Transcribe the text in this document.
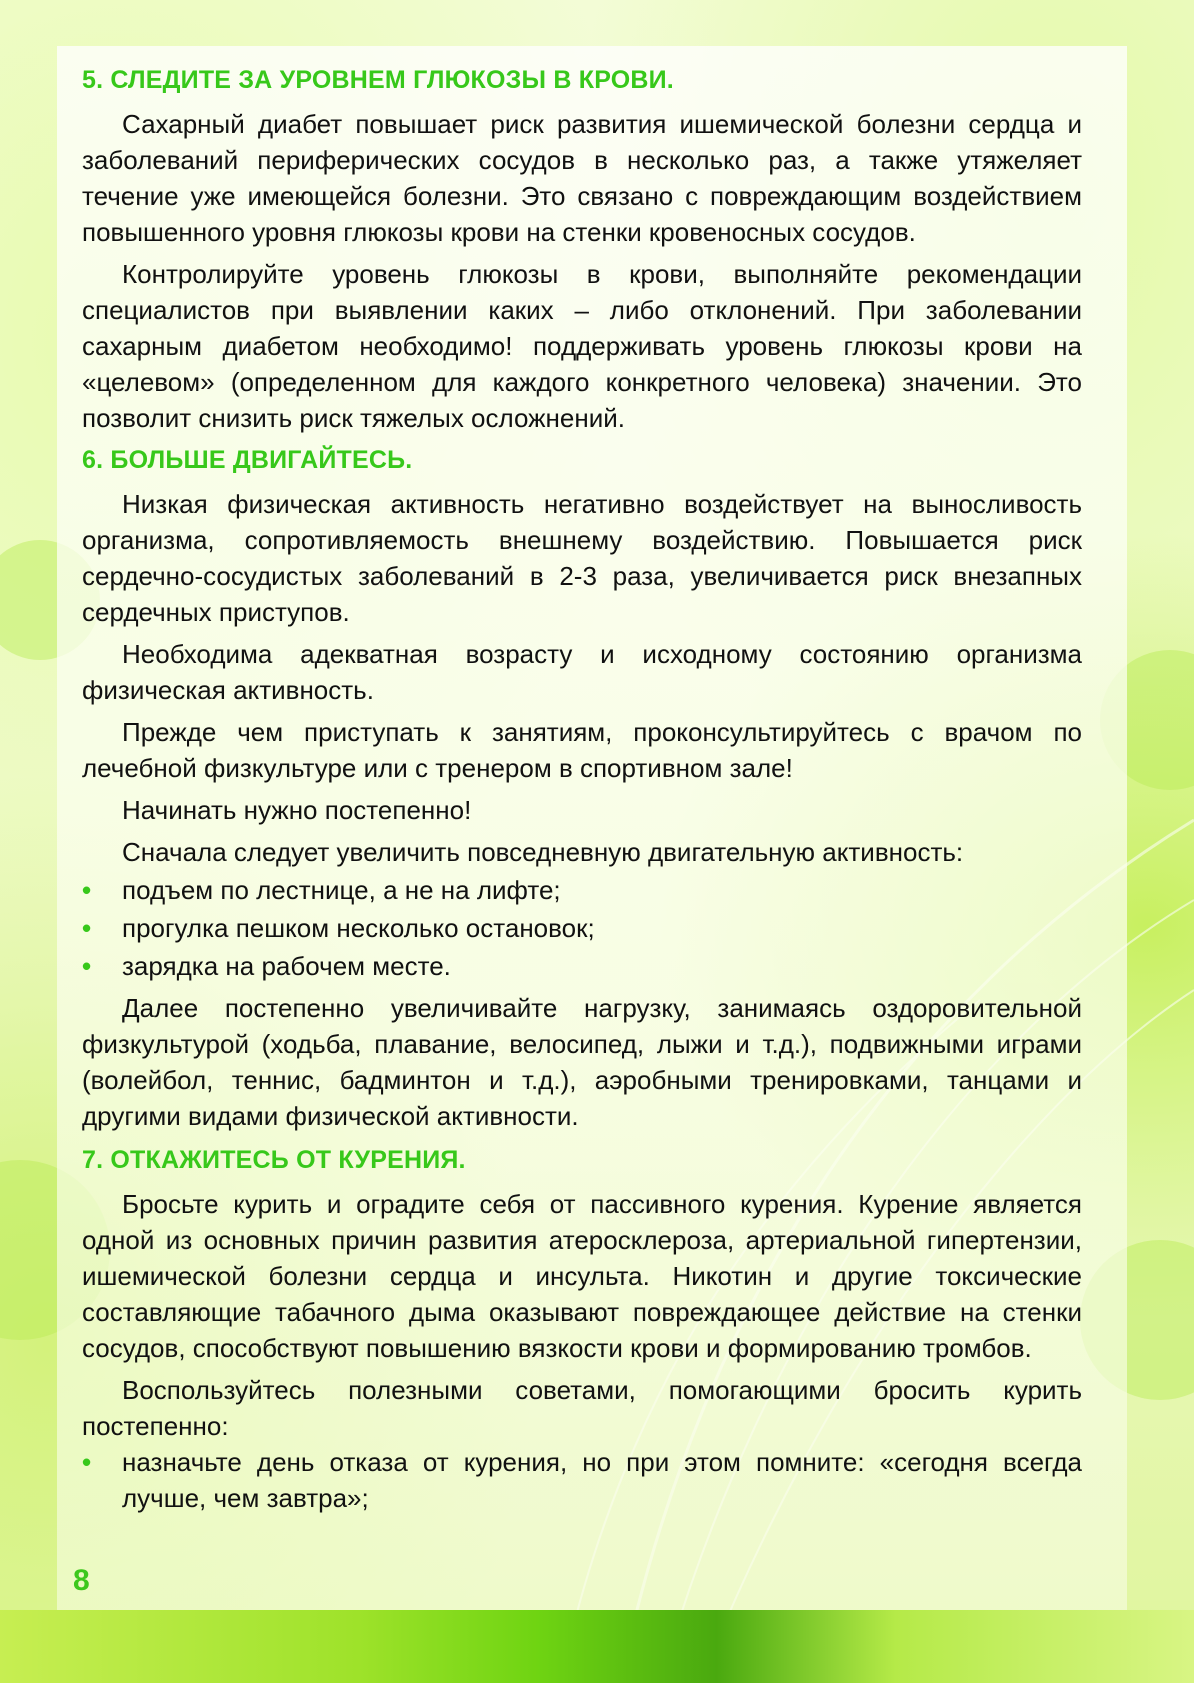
5. СЛЕДИТЕ ЗА УРОВНЕМ ГЛЮКОЗЫ В КРОВИ.

Сахарный диабет повышает риск развития ишемической болезни сердца и заболеваний периферических сосудов в несколько раз, а также утяжеляет течение уже имеющейся болезни. Это связано с повреждающим воздействием повышенного уровня глюкозы крови на стенки кровеносных сосудов.

Контролируйте уровень глюкозы в крови, выполняйте рекомендации специалистов при выявлении каких – либо отклонений. При заболевании сахарным диабетом необходимо! поддерживать уровень глюкозы крови на «целевом» (определенном для каждого конкретного человека) значении. Это позволит снизить риск тяжелых осложнений.

6. БОЛЬШЕ ДВИГАЙТЕСЬ.

Низкая физическая активность негативно воздействует на выносливость организма, сопротивляемость внешнему воздействию. Повышается риск сердечно-сосудистых заболеваний в 2-3 раза, увеличивается риск внезапных сердечных приступов.

Необходима адекватная возрасту и исходному состоянию организма физическая активность.

Прежде чем приступать к занятиям, проконсультируйтесь с врачом по лечебной физкультуре или с тренером в спортивном зале!

Начинать нужно постепенно!

Сначала следует увеличить повседневную двигательную активность:

• подъем по лестнице, а не на лифте;
• прогулка пешком несколько остановок;
• зарядка на рабочем месте.

Далее постепенно увеличивайте нагрузку, занимаясь оздоровительной физкультурой (ходьба, плавание, велосипед, лыжи и т.д.), подвижными играми (волейбол, теннис, бадминтон и т.д.), аэробными тренировками, танцами и другими видами физической активности.

7. ОТКАЖИТЕСЬ ОТ КУРЕНИЯ.

Бросьте курить и оградите себя от пассивного курения. Курение является одной из основных причин развития атеросклероза, артериальной гипертензии, ишемической болезни сердца и инсульта. Никотин и другие токсические составляющие табачного дыма оказывают повреждающее действие на стенки сосудов, способствуют повышению вязкости крови и формированию тромбов.

Воспользуйтесь полезными советами, помогающими бросить курить постепенно:

• назначьте день отказа от курения, но при этом помните: «сегодня всегда лучше, чем завтра»;
8
